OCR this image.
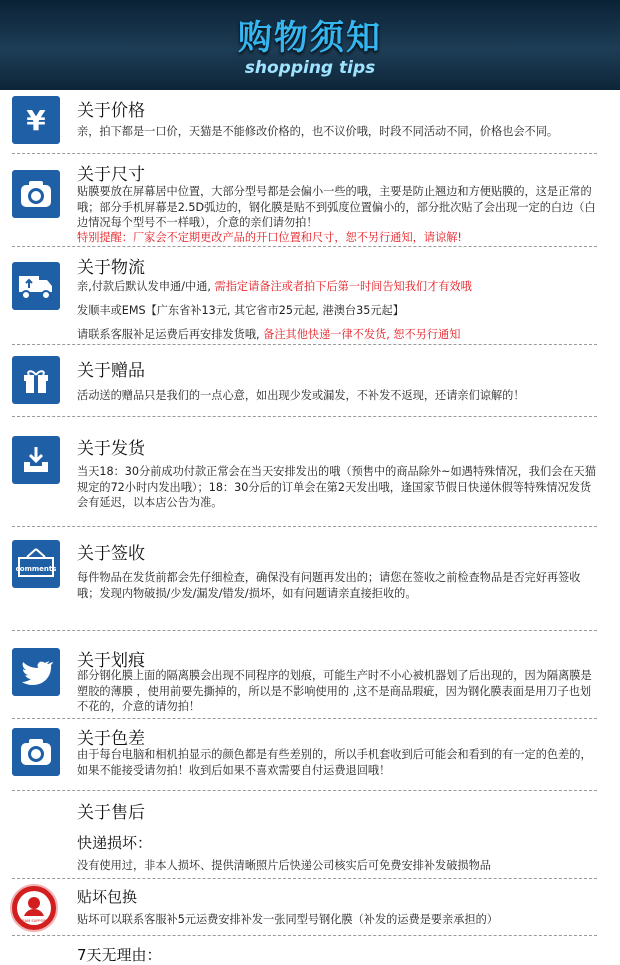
购物须知
shopping tips
¥ 关于价格
亲，拍下都是一口价，天猫是不能修改价格的，也不议价哦，时段不同活动不同，价格也会不同。
关于尺寸
贴膜要放在屏幕居中位置，大部分型号都是会偏小一些的哦，主要是防止翘边和方便贴膜的，这是正常的哦；部分手机屏幕是2.5D弧边的，钢化膜是贴不到弧度位置偏小的，部分批次贴了会出现一定的白边（白边情况每个型号不一样哦），介意的亲们请勿拍！
特别提醒：厂家会不定期更改产品的开口位置和尺寸，恕不另行通知，请谅解!
关于物流
亲,付款后默认发申通/中通, 需指定请备注或者拍下后第一时间告知我们才有效哦
发顺丰或EMS【广东省补13元, 其它省市25元起, 港澳台35元起】
请联系客服补足运费后再安排发货哦, 备注其他快递一律不发货, 恕不另行通知
关于赠品
活动送的赠品只是我们的一点心意，如出现少发或漏发，不补发不返现，还请亲们谅解的！
关于发货
当天18：30分前成功付款正常会在当天安排发出的哦（预售中的商品除外~如遇特殊情况，我们会在天猫规定的72小时内发出哦）；18：30分后的订单会在第2天发出哦，逢国家节假日快递休假等特殊情况发货会有延迟，以本店公告为准。
comments
关于签收
每件物品在发货前都会先仔细检查，确保没有问题再发出的；请您在签收之前检查物品是否完好再签收哦；发现内物破损/少发/漏发/错发/损坏，如有问题请亲直接拒收的。
关于划痕
部分钢化膜上面的隔离膜会出现不同程序的划痕，可能生产时不小心被机器划了后出现的，因为隔离膜是塑胶的薄膜 ，使用前要先撕掉的，所以是不影响使用的 ,这不是商品瑕疵，因为钢化膜表面是用刀子也划不花的，介意的请勿拍！
关于色差
由于每台电脑和相机拍显示的颜色都是有些差别的，所以手机套收到后可能会和看到的有一定的色差的，如果不能接受请勿拍！收到后如果不喜欢需要自付运费退回哦！
关于售后
快递损坏：
没有使用过，非本人损坏、提供清晰照片后快递公司核实后可免费安排补发破损物品
TEAM SUPPORT
贴坏包换
贴坏可以联系客服补5元运费安排补发一张同型号钢化膜（补发的运费是要亲承担的）
7天无理由：
